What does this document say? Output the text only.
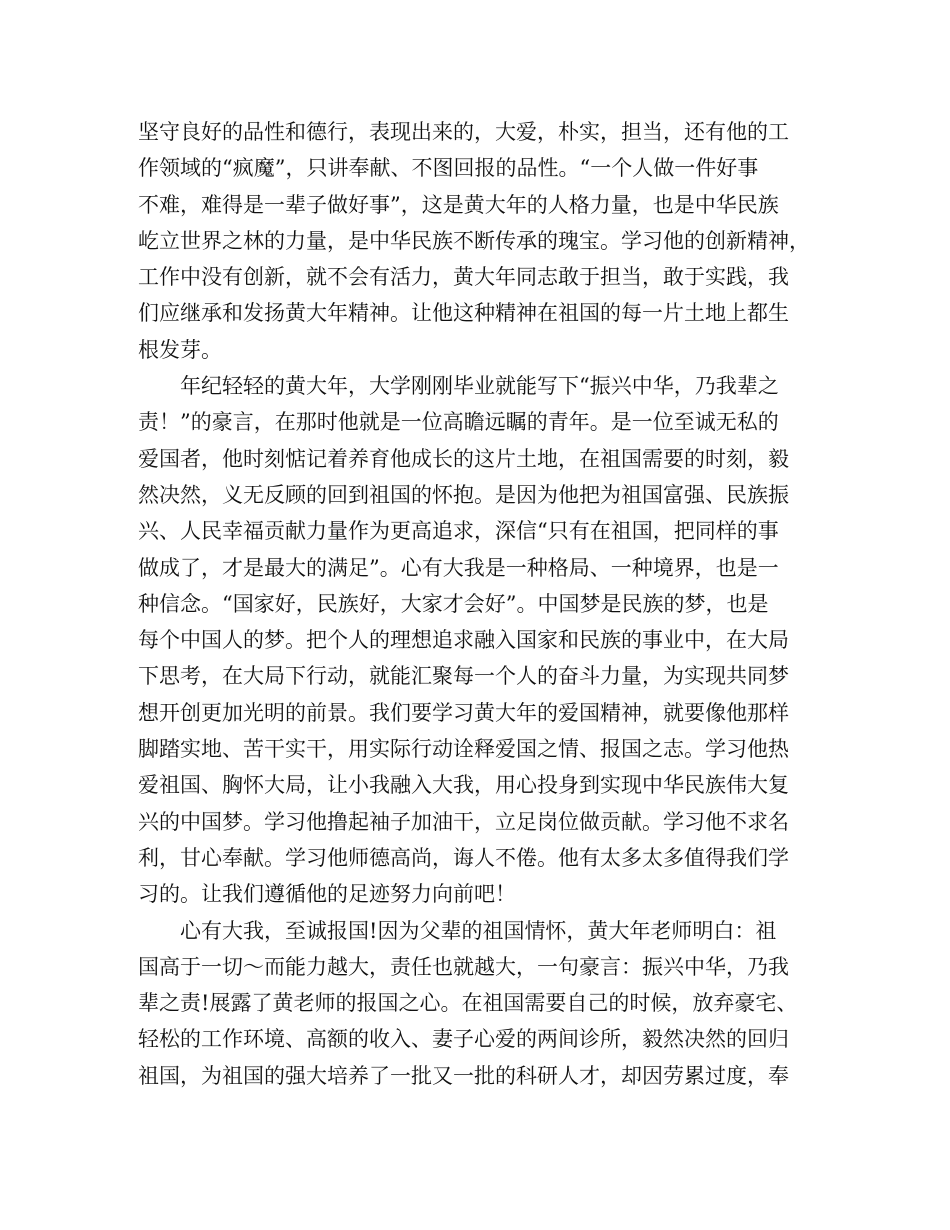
坚守良好的品性和德行，表现出来的，大爱，朴实，担当，还有他的工
作领域的“疯魔”，只讲奉献、不图回报的品性。“一个人做一件好事
不难，难得是一辈子做好事”，这是黄大年的人格力量，也是中华民族
屹立世界之林的力量，是中华民族不断传承的瑰宝。学习他的创新精神，
工作中没有创新，就不会有活力，黄大年同志敢于担当，敢于实践，我
们应继承和发扬黄大年精神。让他这种精神在祖国的每一片土地上都生
根发芽。
年纪轻轻的黄大年，大学刚刚毕业就能写下“振兴中华，乃我辈之
责！”的豪言，在那时他就是一位高瞻远瞩的青年。是一位至诚无私的
爱国者，他时刻惦记着养育他成长的这片土地，在祖国需要的时刻，毅
然决然，义无反顾的回到祖国的怀抱。是因为他把为祖国富强、民族振
兴、人民幸福贡献力量作为更高追求，深信“只有在祖国，把同样的事
做成了，才是最大的满足”。心有大我是一种格局、一种境界，也是一
种信念。“国家好，民族好，大家才会好”。中国梦是民族的梦，也是
每个中国人的梦。把个人的理想追求融入国家和民族的事业中，在大局
下思考，在大局下行动，就能汇聚每一个人的奋斗力量，为实现共同梦
想开创更加光明的前景。我们要学习黄大年的爱国精神，就要像他那样
脚踏实地、苦干实干，用实际行动诠释爱国之情、报国之志。学习他热
爱祖国、胸怀大局，让小我融入大我，用心投身到实现中华民族伟大复
兴的中国梦。学习他撸起袖子加油干，立足岗位做贡献。学习他不求名
利，甘心奉献。学习他师德高尚，诲人不倦。他有太多太多值得我们学
习的。让我们遵循他的足迹努力向前吧！
心有大我，至诚报国!因为父辈的祖国情怀，黄大年老师明白：祖
国高于一切～而能力越大，责任也就越大，一句豪言：振兴中华，乃我
辈之责!展露了黄老师的报国之心。在祖国需要自己的时候，放弃豪宅、
轻松的工作环境、高额的收入、妻子心爱的两间诊所，毅然决然的回归
祖国，为祖国的强大培养了一批又一批的科研人才，却因劳累过度，奉
